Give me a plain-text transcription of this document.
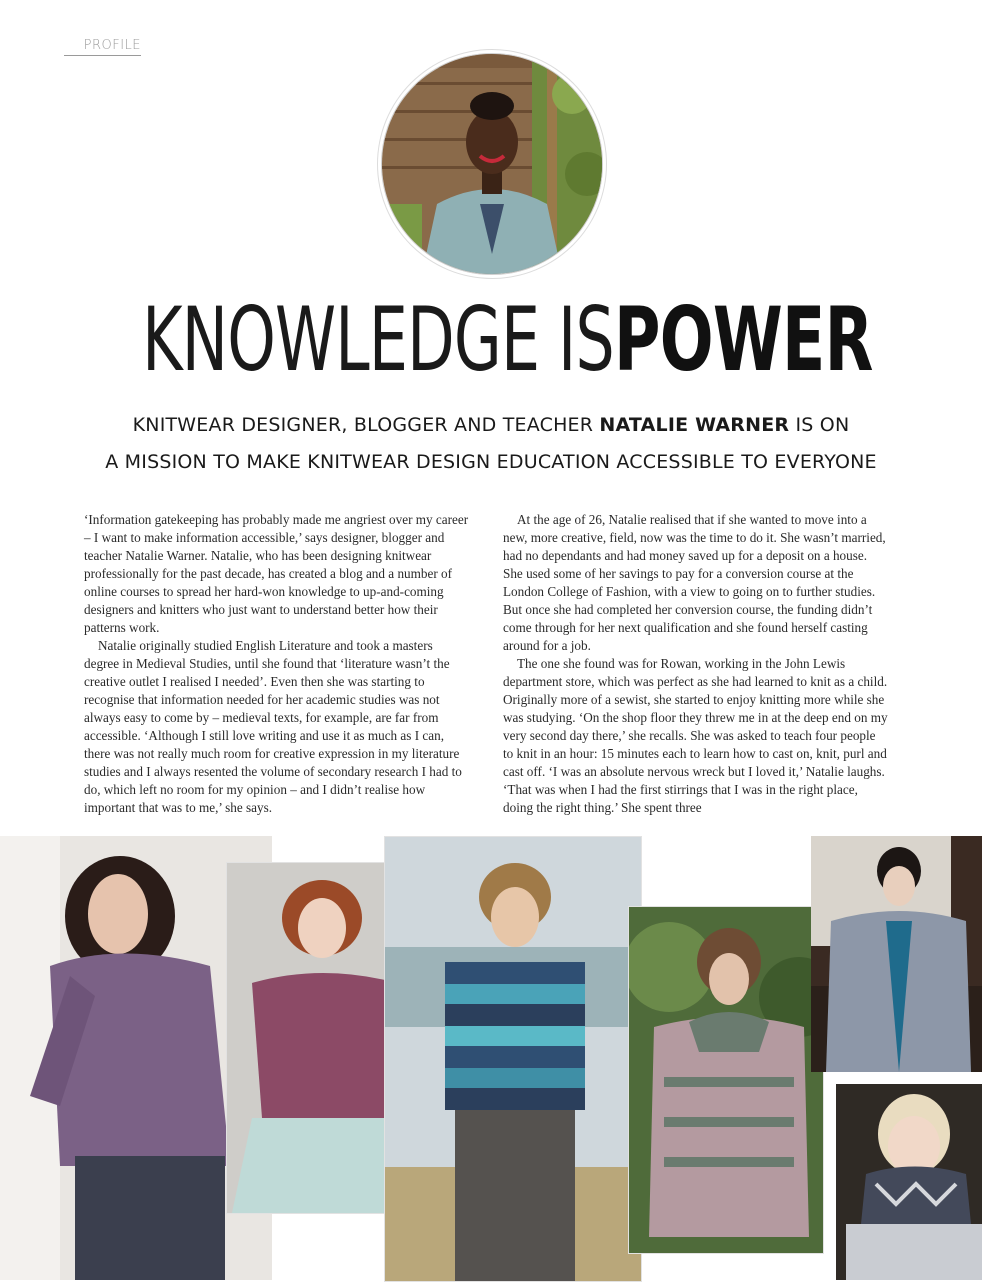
PROFILE
KNOWLEDGE ISPOWER
KNITWEAR DESIGNER, BLOGGER AND TEACHER NATALIE WARNER IS ON
A MISSION TO MAKE KNITWEAR DESIGN EDUCATION ACCESSIBLE TO EVERYONE

‘Information gatekeeping has probably made me angriest over my career – I want to make information accessible,’ says designer, blogger and teacher Natalie Warner. Natalie, who has been designing knitwear professionally for the past decade, has created a blog and a number of online courses to spread her hard-won knowledge to up-and-coming designers and knitters who just want to understand better how their patterns work.

Natalie originally studied English Literature and took a masters degree in Medieval Studies, until she found that ‘literature wasn’t the creative outlet I realised I needed’. Even then she was starting to recognise that information needed for her academic studies was not always easy to come by – medieval texts, for example, are far from accessible. ‘Although I still love writing and use it as much as I can, there was not really much room for creative expression in my literature studies and I always resented the volume of secondary research I had to do, which left no room for my opinion – and I didn’t realise how important that was to me,’ she says.

At the age of 26, Natalie realised that if she wanted to move into a new, more creative, field, now was the time to do it. She wasn’t married, had no dependants and had money saved up for a deposit on a house. She used some of her savings to pay for a conversion course at the London College of Fashion, with a view to going on to further studies. But once she had completed her conversion course, the funding didn’t come through for her next qualification and she found herself casting around for a job.

The one she found was for Rowan, working in the John Lewis department store, which was perfect as she had learned to knit as a child. Originally more of a sewist, she started to enjoy knitting more while she was studying. ‘On the shop floor they threw me in at the deep end on my very second day there,’ she recalls. She was asked to teach four people to knit in an hour: 15 minutes each to learn how to cast on, knit, purl and cast off. ‘I was an absolute nervous wreck but I loved it,’ Natalie laughs. ‘That was when I had the first stirrings that I was in the right place, doing the right thing.’ She spent three
